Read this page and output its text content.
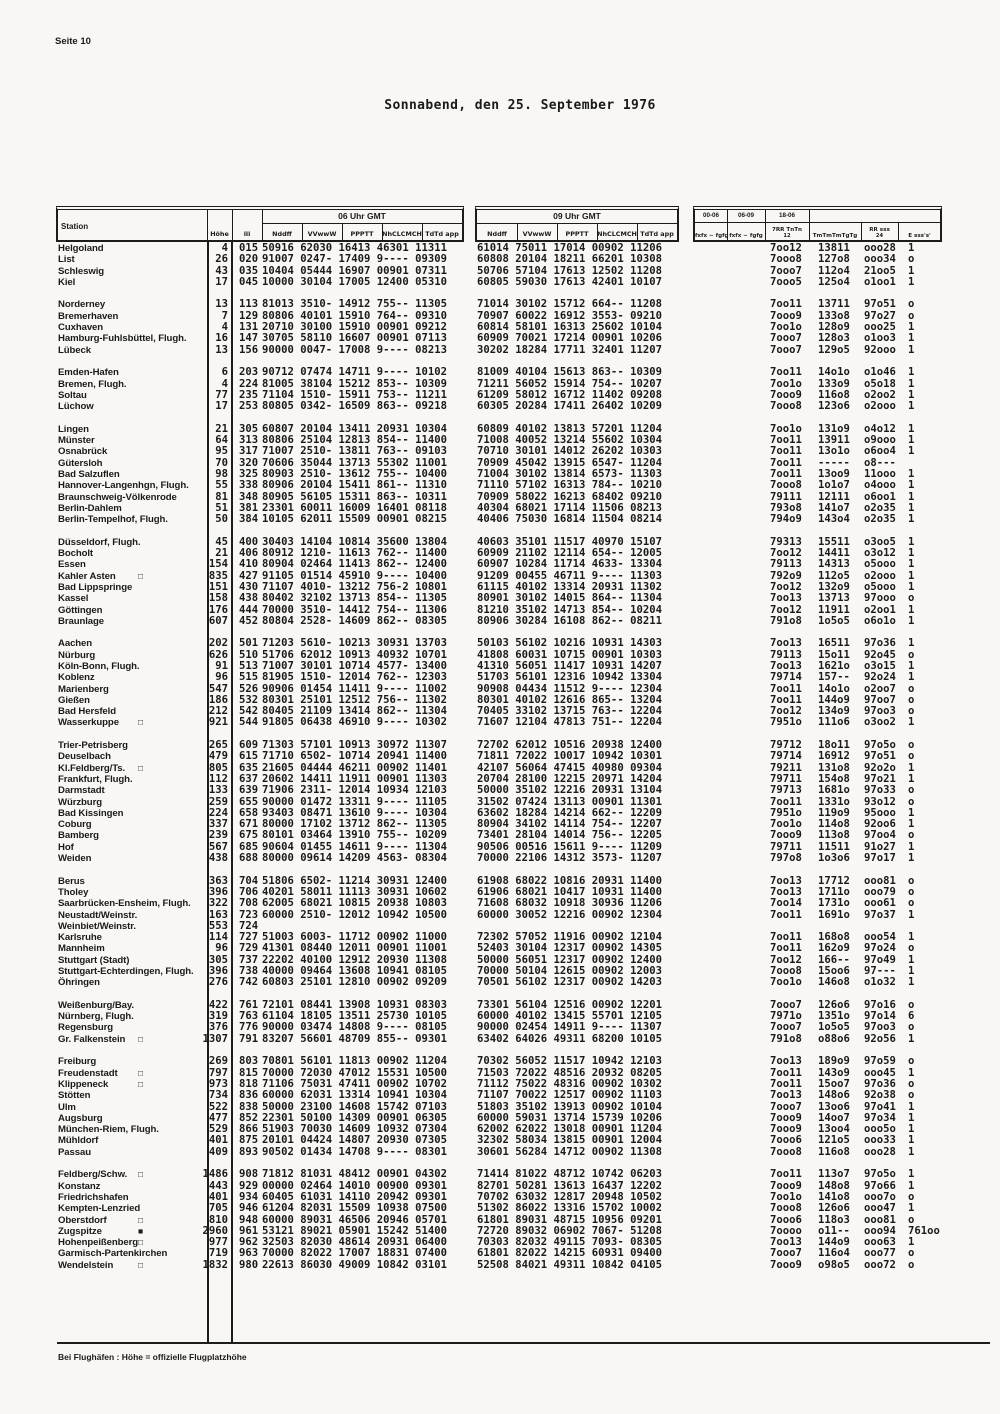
Seite 10
Sonnabend, den 25. September 1976
Station
Höhe	iii
06 Uhr GMT
Nddff	VVwwW	PPPTT	NhCLCMCH TdTd app
09 Uhr GMT
Nddff	VVwwW	PPPTT	NhCLCMCH TdTd app
00-06	06-09	18-06
fxfx − fgfg fxfx − fgfg
7RR TnTn
12	TmTmTmTgTg
RR sss
24	E sss's'
Helgoland	4 015 50916 62030 16413 46301 11311	61014 75011 17014 00902 11206	7oo12 13811 ooo28 1
List	26 020 91007 0247- 17409 9---- 09309	60808 20104 18211 66201 10308	7ooo8 127o8 ooo34 o
Schleswig	43 035 10404 05444 16907 00901 07311	50706 57104 17613 12502 11208	7ooo7 112o4 21oo5 1
Kiel	17 045 10000 30104 17005 12400 05310	60805 59030 17613 42401 10107	7ooo5 125o4 o1oo1 1
Norderney	13 113 81013 3510- 14912 755-- 11305	71014 30102 15712 664-- 11208	7oo11 13711 97o51 o
Bremerhaven	7 129 80806 40101 15910 764-- 09310	70907 60022 16912 3553- 09210	7ooo9 133o8 97o27 o
Cuxhaven	4 131 20710 30100 15910 00901 09212	60814 58101 16313 25602 10104	7oo1o 128o9 ooo25 1
Hamburg-Fuhlsbüttel, Flugh.	16 147 30705 58110 16607 00901 07113	60909 70021 17214 00901 10206	7ooo7 128o3 o1oo3 1
Lübeck	13 156 90000 0047- 17008 9---- 08213	30202 18284 17711 32401 11207	7ooo7 129o5 92ooo 1
Emden-Hafen	6 203 90712 07474 14711 9---- 10102	81009 40104 15613 863-- 10309	7oo11 14o1o o1o46 1
Bremen, Flugh.	4 224 81005 38104 15212 853-- 10309	71211 56052 15914 754-- 10207	7oo1o 133o9 o5o18 1
Soltau	77 235 71104 1510- 15911 753-- 11211	61209 58012 16712 11402 09208	7ooo9 116o8 o2oo2 1
Lüchow	17 253 80805 0342- 16509 863-- 09218	60305 20284 17411 26402 10209	7ooo8 123o6 o2ooo 1
Lingen	21 305 60807 20104 13411 20931 10304	60809 40102 13813 57201 11204	7oo1o 131o9 o4o12 1
Münster	64 313 80806 25104 12813 854-- 11400	71008 40052 13214 55602 10304	7oo11 13911 o9ooo 1
Osnabrück	95 317 71007 2510- 13811 763-- 09103	70710 30101 14012 26202 10303	7oo11 13o1o o6oo4 1
Gütersloh	70 320 70606 35044 13713 55302 11001	70909 45042 13915 6547- 11204	7oo11 ----- o8---
Bad Salzuflen	98 325 80903 2510- 13612 755-- 10400	71004 30102 13814 6573- 11303	7oo11 13oo9 11ooo 1
Hannover-Langenhgn, Flugh.	55 338 80906 20104 15411 861-- 11310	71110 57102 16313 784-- 10210	7ooo8 1o1o7 o4ooo 1
Braunschweig-Völkenrode	81 348 80905 56105 15311 863-- 10311	70909 58022 16213 68402 09210	79111 12111 o6oo1 1
Berlin-Dahlem	51 381 23301 60011 16009 16401 08118	40304 68021 17114 11506 08213	793o8 141o7 o2o35 1
Berlin-Tempelhof, Flugh.	50 384 10105 62011 15509 00901 08215	40406 75030 16814 11504 08214	794o9 143o4 o2o35 1
Düsseldorf, Flugh.	45 400 30403 14104 10814 35600 13804	40603 35101 11517 40970 15107	79313 15511 o3oo5 1
Bocholt	21 406 80912 1210- 11613 762-- 11400	60909 21102 12114 654-- 12005	7oo12 14411 o3o12 1
Essen	154 410 80904 02464 11413 862-- 12400	60907 10284 11714 4633- 13304	79113 14313 o5ooo 1
Kahler Asten	□	835 427 91105 01514 45910 9---- 10400	91209 00455 46711 9---- 11303	792o9 112o5 o2ooo 1
Bad Lippspringe	151 430 71107 4010- 13212 756-2 10801	61115 40102 13314 20931 11302	7oo12 132o9 o5ooo 1
Kassel	158 438 80402 32102 13713 854-- 11305	80901 30102 14015 864-- 11304	7oo13 13713 97ooo o
Göttingen	176 444 70000 3510- 14412 754-- 11306	81210 35102 14713 854-- 10204	7oo12 11911 o2oo1 1
Braunlage	607 452 80804 2528- 14609 862-- 08305	80906 30284 16108 862-- 08211	791o8 1o5o5 o6o1o 1
Aachen	202 501 71203 5610- 10213 30931 13703	50103 56102 10216 10931 14303	7oo13 16511 97o36 1
Nürburg	626 510 51706 62012 10913 40932 10701	41808 60031 10715 00901 10303	79113 15o11 92o45 o
Köln-Bonn, Flugh.	91 513 71007 30101 10714 4577- 13400	41310 56051 11417 10931 14207	7oo13 1621o o3o15 1
Koblenz	96 515 81905 1510- 12014 762-- 12303	51703 56101 12316 10942 13304	79714 157-- 92o24 1
Marienberg	547 526 90906 01454 11411 9---- 11002	90908 04434 11512 9---- 12304	7oo11 14o1o o2oo7 o
Gießen	186 532 80301 25101 12512 756-- 11302	80301 40102 12616 865-- 13204	7oo11 144o9 97oo7 o
Bad Hersfeld	212 542 80405 21109 13414 862-- 11304	70405 33102 13715 763-- 12204	7oo12 134o9 97oo3 o
Wasserkuppe □	921 544 91805 06438 46910 9---- 10302	71607 12104 47813 751-- 12204	7951o 111o6 o3oo2 1
Trier-Petrisberg	265 609 71303 57101 10913 30972 11307	72702 62012 10516 20938 12400	79712 18o11 97o5o o
Deuselbach	479 615 71710 6502- 10714 20941 11400	71811 72022 10017 10942 10301	79714 16912 97o51 o
Kl.Feldberg/Ts. □	805 635 21605 04444 46211 00902 11401	42107 56064 47415 40980 09304	79211 131o8 92o2o 1
Frankfurt, Flugh.	112 637 20602 14411 11911 00901 11303	20704 28100 12215 20971 14204	79711 154o8 97o21 1
Darmstadt	133 639 71906 2311- 12014 10934 12103	50000 35102 12216 20931 13104	79713 1681o 97o33 o
Würzburg	259 655 90000 01472 13311 9---- 11105	31502 07424 13113 00901 11301	7oo11 1331o 93o12 o
Bad Kissingen	224 658 93403 08471 13610 9---- 10304	63602 18284 14214 662-- 12209	7951o 119o9 95ooo 1
Coburg	337 671 80000 17102 13712 862-- 11305	80904 34102 14114 754-- 12207	7oo1o 114o8 92oo6 1
Bamberg	239 675 80101 03464 13910 755-- 10209	73401 28104 14014 756-- 12205	7ooo9 113o8 97oo4 o
Hof	567 685 90604 01455 14611 9---- 11304	90506 00516 15611 9---- 11209	79711 11511 91o27 1
Weiden	438 688 80000 09614 14209 4563- 08304	70000 22106 14312 3573- 11207	797o8 1o3o6 97o17 1
Berus	363 704 51806 6502- 11214 30931 12400	61908 68022 10816 20931 11400	7oo13 17712 ooo81 o
Tholey	396 706 40201 58011 11113 30931 10602	61906 68021 10417 10931 11400	7oo13 1711o ooo79 o
Saarbrücken-Ensheim, Flugh.	322 708 62005 68021 10815 20938 10803	71608 68032 10918 30936 11206	7oo14 1731o ooo61 o
Neustadt/Weinstr.	163 723 60000 2510- 12012 10942 10500	60000 30052 12216 00902 12304	7oo11 1691o 97o37 1
Weinbiet/Weinstr.	553 724
Karlsruhe	114 727 51003 6003- 11712 00902 11000	72302 57052 11916 00902 12104	7oo11 168o8 ooo54 1
Mannheim	96 729 41301 08440 12011 00901 11001	52403 30104 12317 00902 14305	7oo11 162o9 97o24 o
Stuttgart (Stadt)	305 737 22202 40100 12912 20930 11308	50000 56051 12317 00902 12400	7oo12 166-- 97o49 1
Stuttgart-Echterdingen, Flugh.	396 738 40000 09464 13608 10941 08105	70000 50104 12615 00902 12003	7ooo8 15oo6 97--- 1
Öhringen	276 742 60803 25101 12810 00902 09209	70501 56102 12317 00902 14203	7oo1o 146o8 o1o32 1
Weißenburg/Bay.	422 761 72101 08441 13908 10931 08303	73301 56104 12516 00902 12201	7ooo7 126o6 97o16 o
Nürnberg, Flugh.	319 763 61104 18105 13511 25730 10105	60000 40102 13415 55701 12105	7971o 1351o 97o14 6
Regensburg	376 776 90000 03474 14808 9---- 08105	90000 02454 14911 9---- 11307	7ooo7 1o5o5 97oo3 o
Gr. Falkenstein □	1307 791 83207 56601 48709 855-- 09301	63402 64026 49311 68200 10105	791o8 o88o6 92o56 1
Freiburg	269 803 70801 56101 11813 00902 11204	70302 56052 11517 10942 12103	7oo13 189o9 97o59 o
Freudenstadt □	797 815 70000 72030 47012 15531 10500	71503 72022 48516 20932 08205	7oo11 143o9 ooo45 1
Klippeneck	□	973 818 71106 75031 47411 00902 10702	71112 75022 48316 00902 10302	7oo11 15oo7 97o36 o
Stötten	734 836 60000 62031 13314 10941 10304	71107 70022 12517 00902 11103	7oo13 148o6 92o38 o
Ulm	522 838 50000 23100 14608 15742 07103	51803 35102 13913 00902 10104	7ooo7 13oo6 97o41 1
Augsburg	477 852 22301 50100 14309 00901 06305	60000 59031 13714 15739 10206	7ooo9 14oo7 97o34 1
München-Riem, Flugh.	529 866 51903 70030 14609 10932 07304	62002 62022 13018 00901 11204	7ooo9 13oo4 ooo5o 1
Mühldorf	401 875 20101 04424 14807 20930 07305	32302 58034 13815 00901 12004	7ooo6 121o5 ooo33 1
Passau	409 893 90502 01434 14708 9---- 08301	30601 56284 14712 00902 11308	7ooo8 116o8 ooo28 1
Feldberg/Schw. □	1486 908 71812 81031 48412 00901 04302	71414 81022 48712 10742 06203	7oo11 113o7 97o5o 1
Konstanz	443 929 00000 02464 14010 00900 09301	82701 50281 13613 16437 12202	7ooo9 148o8 97o66 1
Friedrichshafen	401 934 60405 61031 14110 20942 09301	70702 63032 12817 20948 10502	7oo1o 141o8 ooo7o o
Kempten-Lenzried	705 946 61204 82031 15509 10938 07500	51302 86022 13316 15702 10002	7ooo8 126o6 ooo47 1
Oberstdorf	□	810 948 60000 89031 46506 20946 05701	61801 89031 48715 10956 09201	7ooo6 118o3 ooo81 o
Zugspitze	■	2960 961 53121 89021 05901 15242 51400	72720 89032 06902 7067- 51208	7oooo o11-- ooo94 761oo
Hohenpeißenberg □	977 962 32503 82030 48614 20931 06400	70303 82032 49115 7093- 08305	7oo13 144o9 ooo63 1
Garmisch-Partenkirchen	719 963 70000 82022 17007 18831 07400	61801 82022 14215 60931 09400	7ooo7 116o4 ooo77 o
Wendelstein	□	1832 980 22613 86030 49009 10842 03101	52508 84021 49311 10842 04105	7ooo9 o98o5 ooo72 o
Bei Flughäfen : Höhe = offizielle Flugplatzhöhe
